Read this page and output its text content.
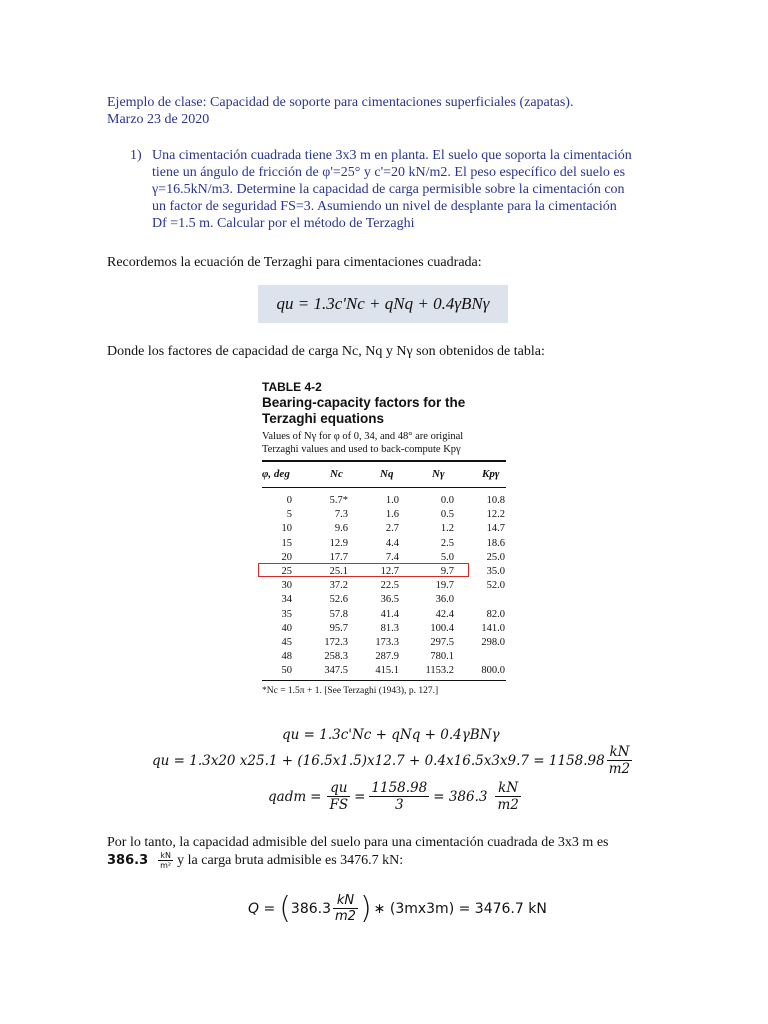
Ejemplo de clase: Capacidad de soporte para cimentaciones superficiales (zapatas).
Marzo 23 de 2020
1) Una cimentación cuadrada tiene 3x3 m en planta. El suelo que soporta la cimentación
tiene un ángulo de fricción de φ'=25° y c'=20 kN/m2. El peso específico del suelo es
γ=16.5kN/m3. Determine la capacidad de carga permisible sobre la cimentación con
un factor de seguridad FS=3. Asumiendo un nivel de desplante para la cimentación
Df =1.5 m. Calcular por el método de Terzaghi
Recordemos la ecuación de Terzaghi para cimentaciones cuadrada:
qu = 1.3c'Nc + qNq + 0.4γBNγ
Donde los factores de capacidad de carga Nc, Nq y Nγ son obtenidos de tabla:
TABLE 4-2
Bearing-capacity factors for the
Terzaghi equations
Values of Nγ for φ of 0, 34, and 48° are original
Terzaghi values and used to back-compute Kpγ
φ, deg	Nc	Nq	Nγ	Kpγ
0	5.7*	1.0	0.0	10.8
5	7.3	1.6	0.5	12.2
10	9.6	2.7	1.2	14.7
15	12.9	4.4	2.5	18.6
20	17.7	7.4	5.0	25.0
25	25.1	12.7	9.7	35.0
30	37.2	22.5	19.7	52.0
34	52.6	36.5	36.0
35	57.8	41.4	42.4	82.0
40	95.7	81.3	100.4	141.0
45	172.3	173.3	297.5	298.0
48	258.3	287.9	780.1
50	347.5	415.1	1153.2	800.0
*Nc = 1.5π + 1. [See Terzaghi (1943), p. 127.]
qu = 1.3c'Nc + qNq + 0.4γBNγ
qu = 1.3x20 $x25.1 + (16.5x1.5)x12.7 + 0.4x16.5x3x9.7 = 1158.98 \frac{kN}{m2}$
qadm = $\frac{qu}{FS} = \frac{1158.98}{3} = 386.3 \frac{kN}{m2}$
Por lo tanto, la capacidad admisible del suelo para una cimentación cuadrada de 3x3 m es
$386.3 \frac{kN}{\text{m²}}$ y la carga bruta admisible es 3476.7 kN:
Q = ( $386.3 \frac{kN}{m2}$ ) ∗ (3mx3m) = 3476.7 kN
